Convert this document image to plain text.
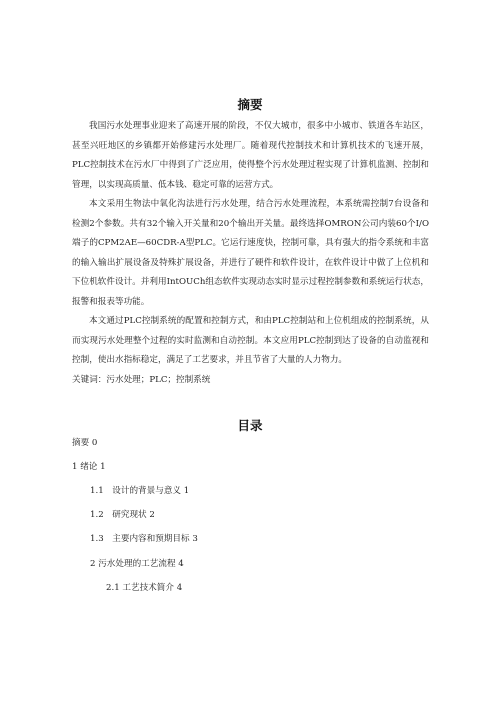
摘要

我国污水处理事业迎来了高速开展的阶段，不仅大城市，很多中小城市、铁道各车站区，甚至兴旺地区的乡镇都开始修建污水处理厂。随着现代控制技术和计算机技术的飞速开展，PLC控制技术在污水厂中得到了广泛应用，使得整个污水处理过程实现了计算机监测、控制和管理，以实现高质量、低本钱、稳定可靠的运营方式。

本文采用生物法中氧化沟法进行污水处理，结合污水处理流程，本系统需控制7台设备和检测2个参数。共有32个输入开关量和20个输出开关量。最终选择OMRON公司内装60个I/O端子的CPM2AE—60CDR-A型PLC。它运行速度快，控制可靠，具有强大的指令系统和丰富的输入输出扩展设备及特殊扩展设备，并进行了硬件和软件设计，在软件设计中做了上位机和下位机软件设计。并利用IntOUCh组态软件实现动态实时显示过程控制参数和系统运行状态，报警和报表等功能。

本文通过PLC控制系统的配置和控制方式，和由PLC控制站和上位机组成的控制系统，从而实现污水处理整个过程的实时监测和自动控制。本文应用PLC控制到达了设备的自动监视和控制，使出水指标稳定，满足了工艺要求，并且节省了大量的人力物力。

关键词：污水处理；PLC；控制系统

目录
摘要 0
1 绪论 1
1.1　设计的背景与意义 1
1.2　研究现状 2
1.3　主要内容和预期目标 3
2 污水处理的工艺流程 4
2.1 工艺技术简介 4
